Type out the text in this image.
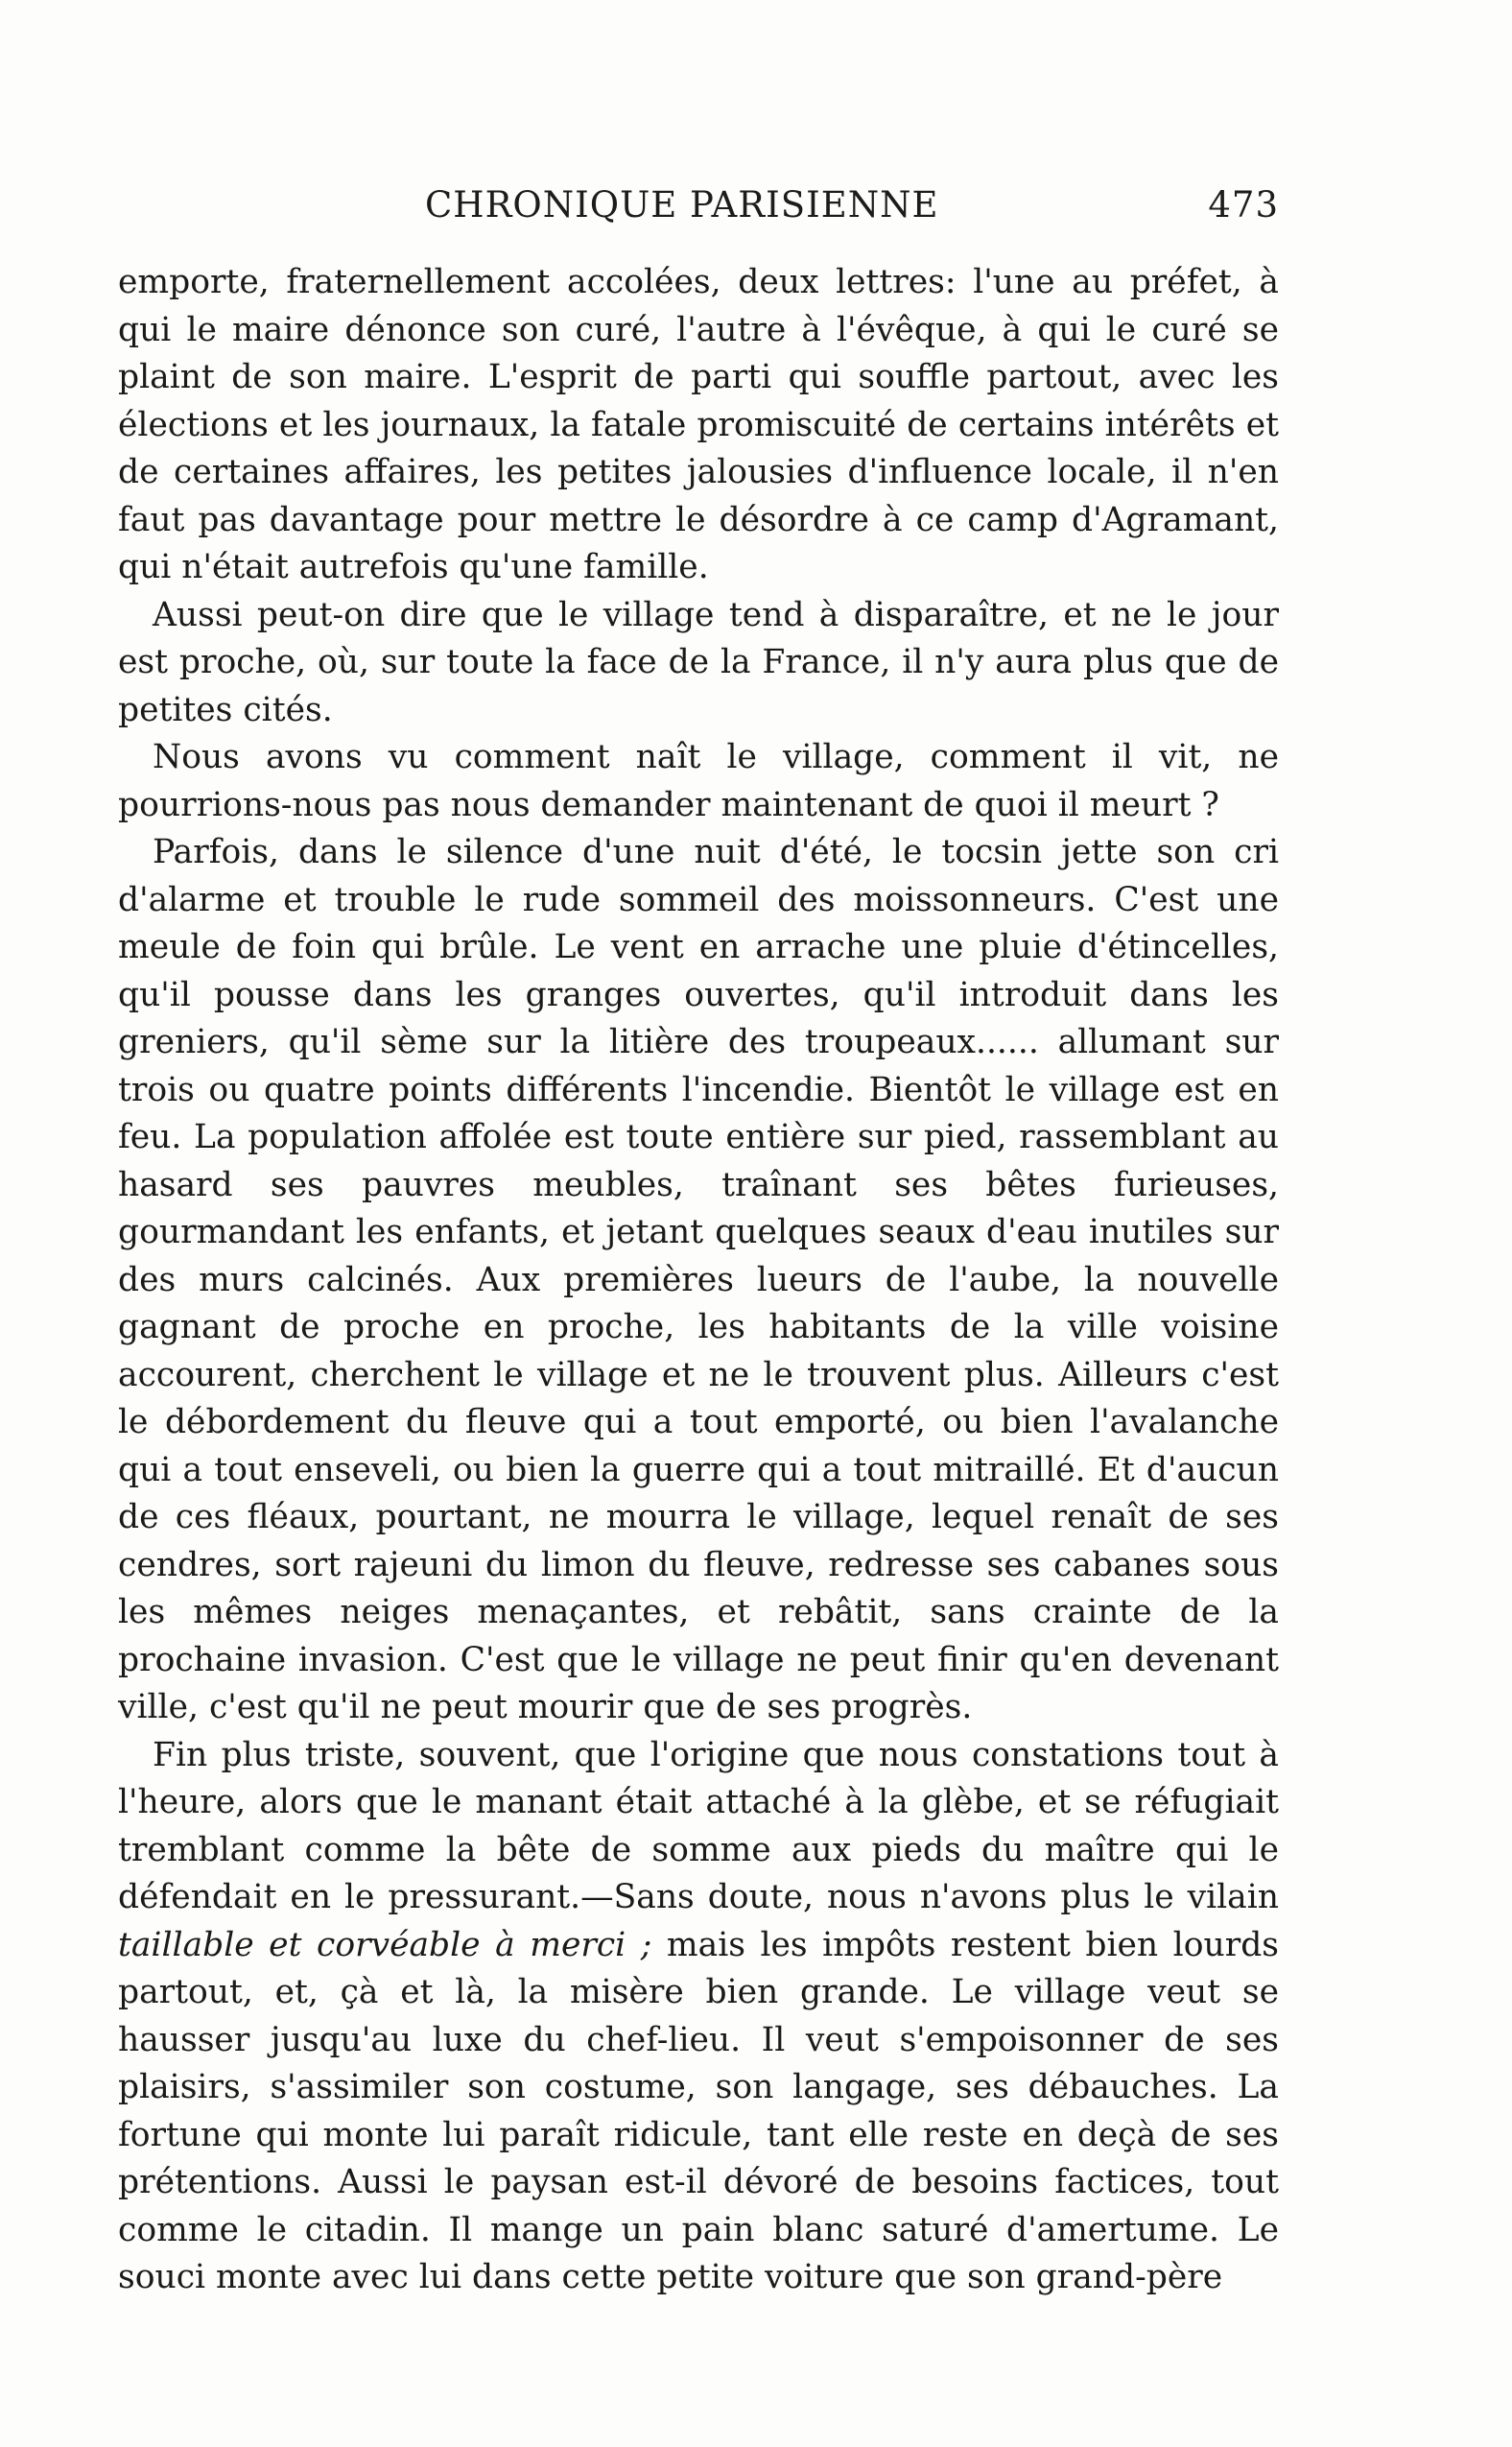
CHRONIQUE PARISIENNE	473

emporte, fraternellement accolées, deux lettres: l'une au préfet, à qui le maire dénonce son curé, l'autre à l'évêque, à qui le curé se plaint de son maire. L'esprit de parti qui souffle partout, avec les élections et les journaux, la fatale promiscuité de certains intérêts et de certaines affaires, les petites jalousies d'influence locale, il n'en faut pas davantage pour mettre le désordre à ce camp d'Agramant, qui n'était autrefois qu'une famille.

Aussi peut-on dire que le village tend à disparaître, et ne le jour est proche, où, sur toute la face de la France, il n'y aura plus que de petites cités.

Nous avons vu comment naît le village, comment il vit, ne pourrions-nous pas nous demander maintenant de quoi il meurt ?

Parfois, dans le silence d'une nuit d'été, le tocsin jette son cri d'alarme et trouble le rude sommeil des moissonneurs. C'est une meule de foin qui brûle. Le vent en arrache une pluie d'étincelles, qu'il pousse dans les granges ouvertes, qu'il introduit dans les greniers, qu'il sème sur la litière des troupeaux...... allumant sur trois ou quatre points différents l'incendie. Bientôt le village est en feu. La population affolée est toute entière sur pied, rassemblant au hasard ses pauvres meubles, traînant ses bêtes furieuses, gourmandant les enfants, et jetant quelques seaux d'eau inutiles sur des murs calcinés. Aux premières lueurs de l'aube, la nouvelle gagnant de proche en proche, les habitants de la ville voisine accourent, cherchent le village et ne le trouvent plus. Ailleurs c'est le débordement du fleuve qui a tout emporté, ou bien l'avalanche qui a tout enseveli, ou bien la guerre qui a tout mitraillé. Et d'aucun de ces fléaux, pourtant, ne mourra le village, lequel renaît de ses cendres, sort rajeuni du limon du fleuve, redresse ses cabanes sous les mêmes neiges menaçantes, et rebâtit, sans crainte de la prochaine invasion. C'est que le village ne peut finir qu'en devenant ville, c'est qu'il ne peut mourir que de ses progrès.

Fin plus triste, souvent, que l'origine que nous constations tout à l'heure, alors que le manant était attaché à la glèbe, et se réfugiait tremblant comme la bête de somme aux pieds du maître qui le défendait en le pressurant.—Sans doute, nous n'avons plus le vilain taillable et corvéable à merci ; mais les impôts restent bien lourds partout, et, çà et là, la misère bien grande. Le village veut se hausser jusqu'au luxe du chef-lieu. Il veut s'empoisonner de ses plaisirs, s'assimiler son costume, son langage, ses débauches. La fortune qui monte lui paraît ridicule, tant elle reste en deçà de ses prétentions. Aussi le paysan est-il dévoré de besoins factices, tout comme le citadin. Il mange un pain blanc saturé d'amertume. Le souci monte avec lui dans cette petite voiture que son grand-père
